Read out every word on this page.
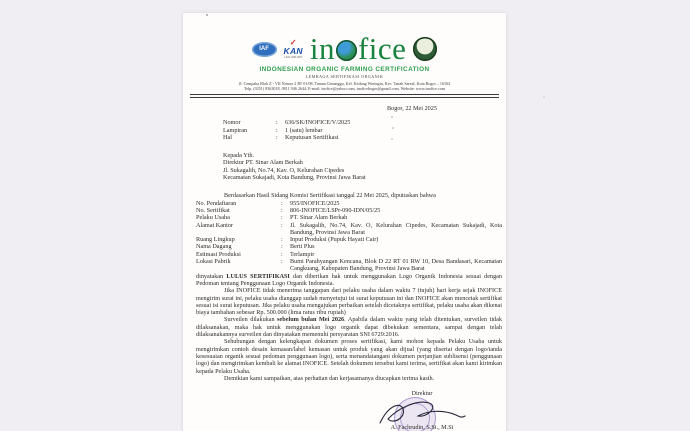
IAF
✓
KAN
LSO-006-IDN in fice
INDONESIAN ORGANIC FARMING CERTIFICATION
LEMBAGA SERTIFIKASI ORGANIK
Jl. Cempaka Blok Z - VII Nomor 2 RT 01/08, Taman Cimanggu, Kel. Kedung Waringin, Kec. Tanah Sareal, Kota Bogor – 16164
Telp. (0251) 8363018, 0811 946 2644, E-mail: inofice@yahoo.com, inoficebogor@gmail.com, Website: www.inofice.com
Bogor, 22 Mei 2025
Nomor :	636/SK/INOFICE/V/2025
Lampiran :	1 (satu) lembar
Hal :	Keputusan Sertifikasi
Kepada Yth.
Direktur PT. Sinar Alam Berkah
Jl. Sukagalih, No.74, Kav. O, Kelurahan Cipedes
Kecamatan Sukajadi, Kota Bandung, Provinsi Jawa Barat
Berdasarkan Hasil Sidang Komisi Sertifikasi tanggal 22 Mei 2025, diputuskan bahwa
No. Pendaftaran :	955/INOFICE/2025
No. Sertifikat :	806-INOFICE/LSPr-090-IDN/05/25
Pelaku Usaha :	PT. Sinar Alam Berkah
Alamat Kantor :	Jl. Sukagalih, No.74, Kav. O, Kelurahan Cipedes, Kecamatan Sukajadi, Kota Bandung, Provinsi Jawa Barat
Ruang Lingkup :	Input Produksi (Pupuk Hayati Cair)
Nama Dagang :	Berti Plus
Estimasi Produksi :	Terlampir
Lokasi Pabrik :	Bumi Parahyangan Kencana, Blok D 22 RT 01 RW 10, Desa Bandasari, Kecamatan Cangkuang, Kabupaten Bandung, Provinsi Jawa Barat

dinyatakan LULUS SERTIFIKASI dan diberikan hak untuk menggunakan Logo Organik Indonesia sesuai dengan Pedoman tentang Penggunaan Logo Organik Indonesia.

Jika INOFICE tidak menerima tanggapan dari pelaku usaha dalam waktu 7 (tujuh) hari kerja sejak INOFICE mengirim surat ini, pelaku usaha dianggap sudah menyetujui isi surat keputusan ini dan INOFICE akan mencetak sertifikat sesuai isi surat keputusan. Jika pelaku usaha mengajukan perbaikan setelah dicetaknya sertifikat, pelaku usaha akan dikenai biaya tambahan sebesar Rp. 500.000 (lima ratus ribu rupiah)

Surveilen dilakukan sebelum bulan Mei 2026. Apabila dalam waktu yang telah ditentukan, surveilen tidak dilaksanakan, maka hak untuk menggunakan logo organik dapat dibekukan sementara, sampai dengan telah dilaksanakannya surveilen dan dinyatakan memenuhi persyaratan SNI 6729:2016.

Sehubungan dengan kelengkapan dokumen proses sertifikasi, kami mohon kepada Pelaku Usaha untuk mengirimkan contoh desain kemasan/label kemasan untuk produk yang akan dijual (yang disertai dengan logo/tanda kesesuaian organik sesuai pedoman penggunaan logo), serta menandatangani dokumen perjanjian sublisensi (penggunaan logo) dan mengirimkan kembali ke alamat INOFICE. Setelah dokumen tersebut kami terima, sertifikat akan kami kirimkan kepada Pelaku Usaha.

Demikian kami sampaikan, atas perhatian dan kerjasamanya diucapkan terima kasih.

Direktur
A. Fachrudin, S.Si., M.Si
